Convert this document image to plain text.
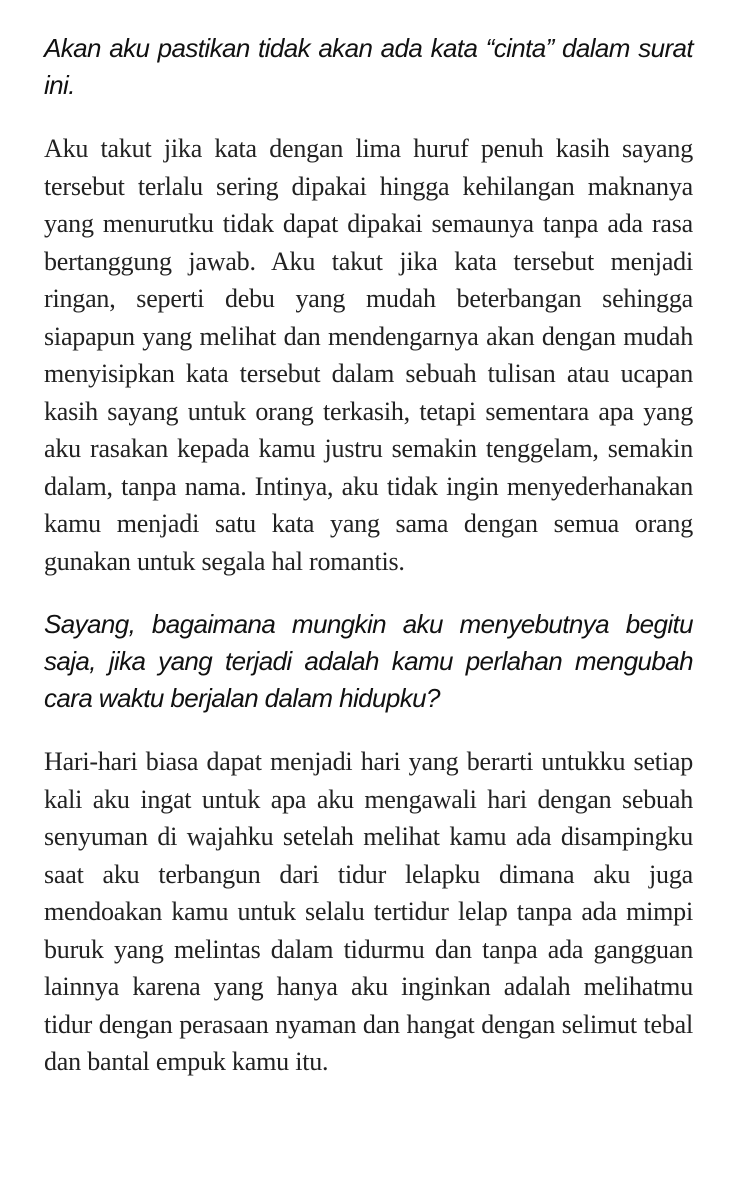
Akan aku pastikan tidak akan ada kata “cinta” dalam surat ini.

Aku takut jika kata dengan lima huruf penuh kasih sayang tersebut terlalu sering dipakai hingga kehilangan maknanya yang menurutku tidak dapat dipakai semaunya tanpa ada rasa bertanggung jawab. Aku takut jika kata tersebut menjadi ringan, seperti debu yang mudah beterbangan sehingga siapapun yang melihat dan mendengarnya akan dengan mudah menyisipkan kata tersebut dalam sebuah tulisan atau ucapan kasih sayang untuk orang terkasih, tetapi sementara apa yang aku rasakan kepada kamu justru semakin tenggelam, semakin dalam, tanpa nama. Intinya, aku tidak ingin menyederhanakan kamu menjadi satu kata yang sama dengan semua orang gunakan untuk segala hal romantis.

Sayang, bagaimana mungkin aku menyebutnya begitu saja, jika yang terjadi adalah kamu perlahan mengubah cara waktu berjalan dalam hidupku?

Hari-hari biasa dapat menjadi hari yang berarti untukku setiap kali aku ingat untuk apa aku mengawali hari dengan sebuah senyuman di wajahku setelah melihat kamu ada disampingku saat aku terbangun dari tidur lelapku dimana aku juga mendoakan kamu untuk selalu tertidur lelap tanpa ada mimpi buruk yang melintas dalam tidurmu dan tanpa ada gangguan lainnya karena yang hanya aku inginkan adalah melihatmu tidur dengan perasaan nyaman dan hangat dengan selimut tebal dan bantal empuk kamu itu.
